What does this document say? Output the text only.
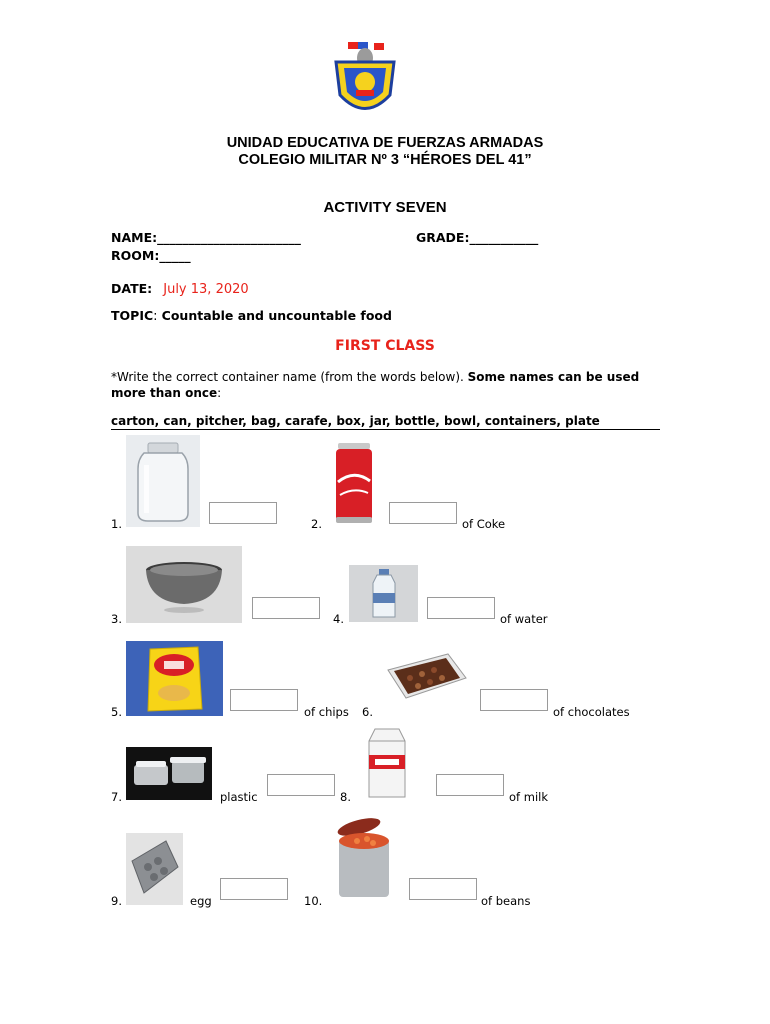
UNIDAD EDUCATIVA DE FUERZAS ARMADAS
COLEGIO MILITAR Nº 3 “HÉROES DEL 41”
ACTIVITY SEVEN
NAME:_______________________	GRADE:___________
ROOM:_____
DATE: July 13, 2020
TOPIC: Countable and uncountable food
FIRST CLASS
*Write the correct container name (from the words below). Some names can be used more than once:
carton, can, pitcher, bag, carafe, box, jar, bottle, bowl, containers, plate
1.	2.	of Coke
3.	4.	of water
5.	of chips 6.	of chocolates
7.	plastic	8.	of milk
9.	egg	10.	of beans
